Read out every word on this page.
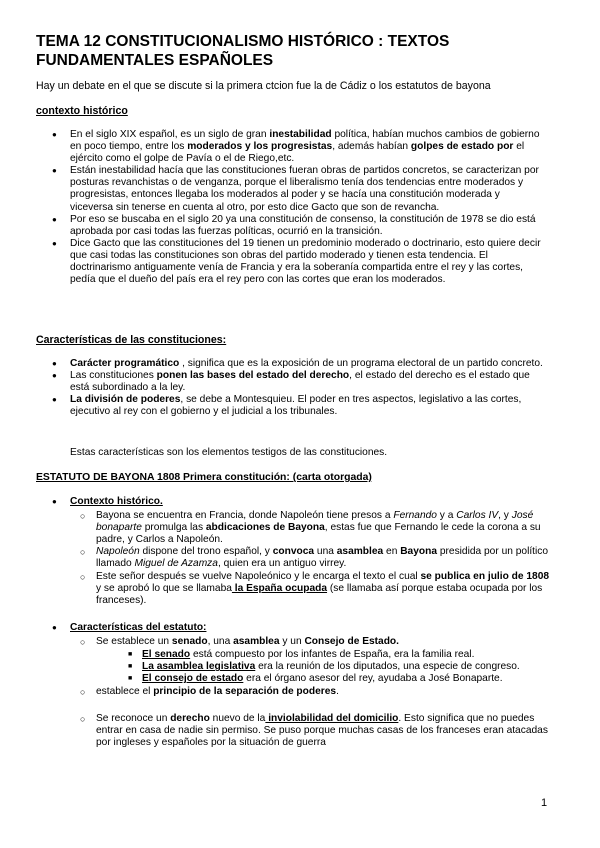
TEMA 12 CONSTITUCIONALISMO HISTÓRICO : TEXTOS FUNDAMENTALES ESPAÑOLES

Hay un debate en el que se discute si la primera ctcion fue la de Cádiz o los estatutos de bayona

contexto histórico

● En el siglo XIX español, es un siglo de gran inestabilidad política, habían muchos cambios de gobierno en poco tiempo, entre los moderados y los progresistas, además habían golpes de estado por el ejército como el golpe de Pavía o el de Riego,etc.
● Están inestabilidad hacía que las constituciones fueran obras de partidos concretos, se caracterizan por posturas revanchistas o de venganza, porque el liberalismo tenía dos tendencias entre moderados y progresistas, entonces llegaba los moderados al poder y se hacía una constitución moderada y viceversa sin tenerse en cuenta al otro, por esto dice Gacto que son de revancha.
● Por eso se buscaba en el siglo 20 ya una constitución de consenso, la constitución de 1978 se dio está aprobada por casi todas las fuerzas políticas, ocurrió en la transición.
● Dice Gacto que las constituciones del 19 tienen un predominio moderado o doctrinario, esto quiere decir que casi todas las constituciones son obras del partido moderado y tienen esta tendencia. El doctrinarismo antiguamente venía de Francia y era la soberanía compartida entre el rey y las cortes, pedía que el dueño del país era el rey pero con las cortes que eran los moderados.

Características de las constituciones:

● Carácter programático , significa que es la exposición de un programa electoral de un partido concreto.
● Las constituciones ponen las bases del estado del derecho, el estado del derecho es el estado que está subordinado a la ley.
● La división de poderes, se debe a Montesquieu. El poder en tres aspectos, legislativo a las cortes, ejecutivo al rey con el gobierno y el judicial a los tribunales.

Estas características son los elementos testigos de las constituciones.

ESTATUTO DE BAYONA 1808 Primera constitución: (carta otorgada)

● Contexto histórico.
○ Bayona se encuentra en Francia, donde Napoleón tiene presos a Fernando y a Carlos IV, y José bonaparte promulga las abdicaciones de Bayona, estas fue que Fernando le cede la corona a su padre, y Carlos a Napoleón.
○ Napoleón dispone del trono español, y convoca una asamblea en Bayona presidida por un político llamado Miguel de Azamza, quien era un antiguo virrey.
○ Este señor después se vuelve Napoleónico y le encarga el texto el cual se publica en julio de 1808 y se aprobó lo que se llamaba la España ocupada (se llamaba así porque estaba ocupada por los franceses).
● Características del estatuto:
○ Se establece un senado, una asamblea y un Consejo de Estado.
■ El senado está compuesto por los infantes de España, era la familia real.
■ La asamblea legislativa era la reunión de los diputados, una especie de congreso.
■ El consejo de estado era el órgano asesor del rey, ayudaba a José Bonaparte.
○ establece el principio de la separación de poderes.
○ Se reconoce un derecho nuevo de la inviolabilidad del domicilio. Esto significa que no puedes entrar en casa de nadie sin permiso. Se puso porque muchas casas de los franceses eran atacadas por ingleses y españoles por la situación de guerra
1
